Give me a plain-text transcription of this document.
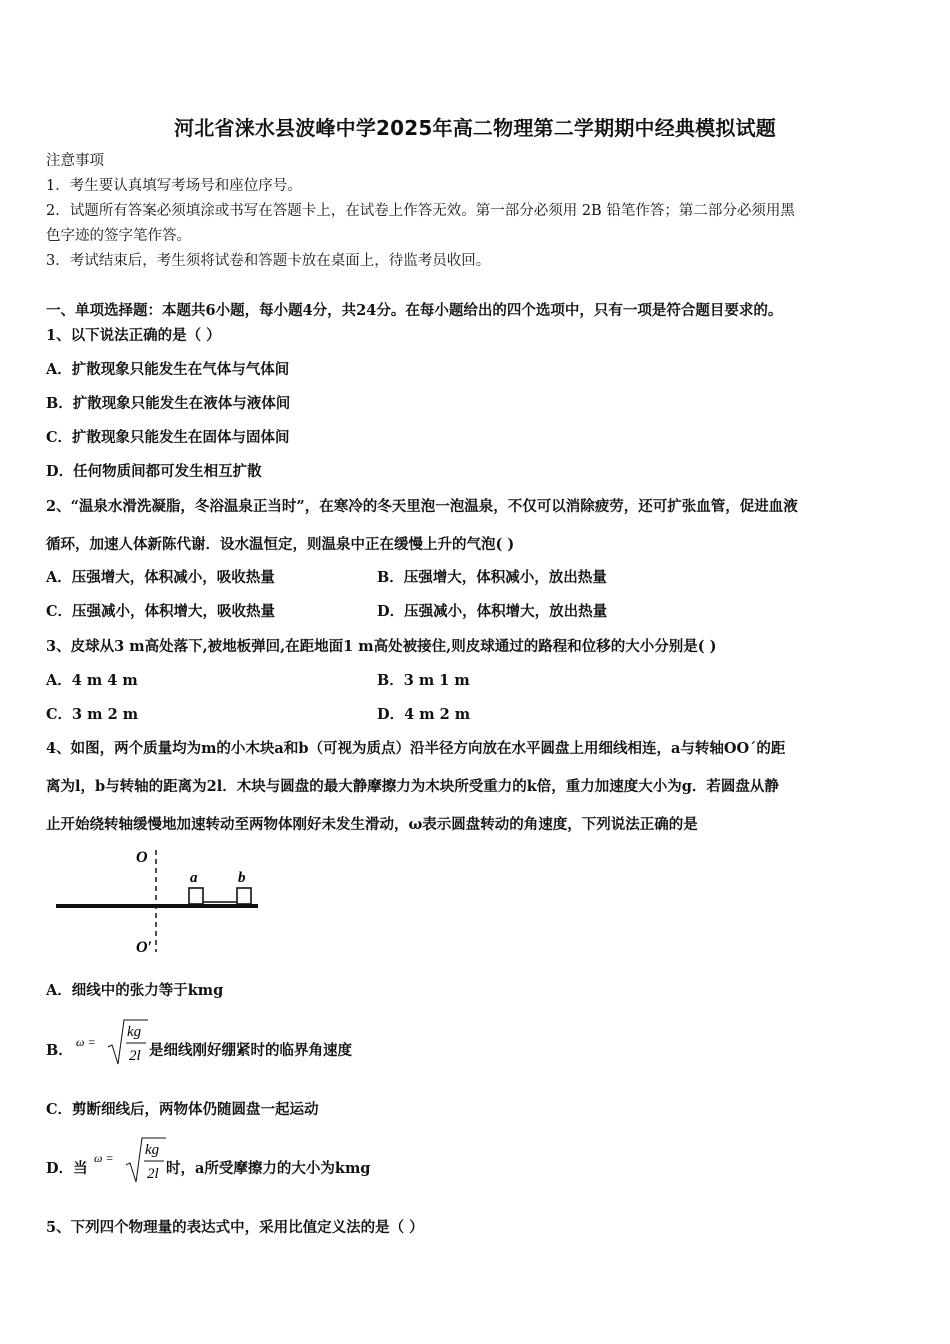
河北省涞水县波峰中学2025年高二物理第二学期期中经典模拟试题
注意事项
1．考生要认真填写考场号和座位序号。
2．试题所有答案必须填涂或书写在答题卡上，在试卷上作答无效。第一部分必须用 2B 铅笔作答；第二部分必须用黑
色字迹的签字笔作答。
3．考试结束后，考生须将试卷和答题卡放在桌面上，待监考员收回。
一、单项选择题：本题共6小题，每小题4分，共24分。在每小题给出的四个选项中，只有一项是符合题目要求的。
1、以下说法正确的是（ ）
A．扩散现象只能发生在气体与气体间
B．扩散现象只能发生在液体与液体间
C．扩散现象只能发生在固体与固体间
D．任何物质间都可发生相互扩散
2、“温泉水滑洗凝脂，冬浴温泉正当时”，在寒冷的冬天里泡一泡温泉，不仅可以消除疲劳，还可扩张血管，促进血液
循环，加速人体新陈代谢．设水温恒定，则温泉中正在缓慢上升的气泡( )
A．压强增大，体积减小，吸收热量	B．压强增大，体积减小，放出热量
C．压强减小，体积增大，吸收热量	D．压强减小，体积增大，放出热量
3、皮球从3 m高处落下,被地板弹回,在距地面1 m高处被接住,则皮球通过的路程和位移的大小分别是( )
A．4 m 4 m	B．3 m 1 m
C．3 m 2 m	D．4 m 2 m
4、如图，两个质量均为m的小木块a和b（可视为质点）沿半径方向放在水平圆盘上用细线相连，a与转轴OO´的距
离为l，b与转轴的距离为2l．木块与圆盘的最大静摩擦力为木块所受重力的k倍，重力加速度大小为g．若圆盘从静
止开始绕转轴缓慢地加速转动至两物体刚好未发生滑动，ω表示圆盘转动的角速度，下列说法正确的是
O
a	b
O′
A．细线中的张力等于kmg
B． ω =
kg
2l 是细线刚好绷紧时的临界角速度
C．剪断细线后，两物体仍随圆盘一起运动
D．当
ω = kg
2l 时，a所受摩擦力的大小为kmg
5、下列四个物理量的表达式中，采用比值定义法的是（ ）
